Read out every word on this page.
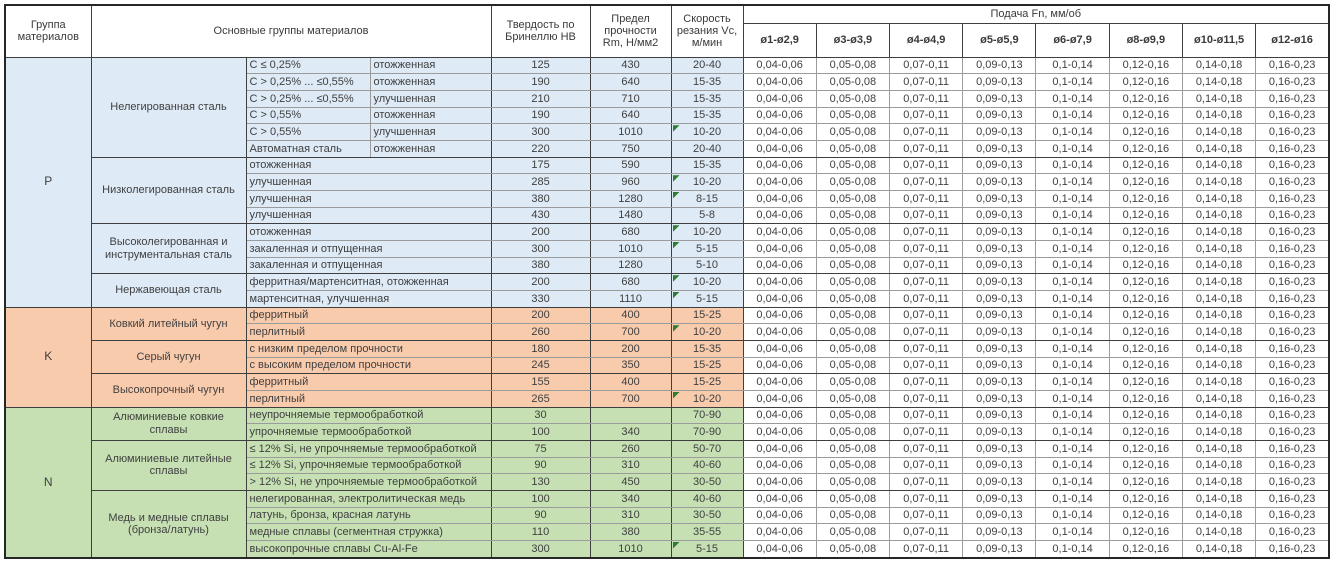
Группа материалов	Основные группы материалов			Твердость по Бринеллю НВ	Предел прочности Rm, Н/мм2	Скорость резания Vc, м/мин	Подача Fn, мм/об							
							ø1-ø2,9	ø3-ø3,9	ø4-ø4,9	ø5-ø5,9	ø6-ø7,9	ø8-ø9,9	ø10-ø11,5	ø12-ø16
P	Нелегированная сталь	C ≤ 0,25%	отожженная	125	430	20-40	0,04-0,06	0,05-0,08	0,07-0,11	0,09-0,13	0,1-0,14	0,12-0,16	0,14-0,18	0,16-0,23
		C > 0,25% ... ≤0,55%	отожженная	190	640	15-35	0,04-0,06	0,05-0,08	0,07-0,11	0,09-0,13	0,1-0,14	0,12-0,16	0,14-0,18	0,16-0,23
		C > 0,25% ... ≤0,55%	улучшенная	210	710	15-35	0,04-0,06	0,05-0,08	0,07-0,11	0,09-0,13	0,1-0,14	0,12-0,16	0,14-0,18	0,16-0,23
		C > 0,55%	отожженная	190	640	15-35	0,04-0,06	0,05-0,08	0,07-0,11	0,09-0,13	0,1-0,14	0,12-0,16	0,14-0,18	0,16-0,23
		C > 0,55%	улучшенная	300	1010	10-20	0,04-0,06	0,05-0,08	0,07-0,11	0,09-0,13	0,1-0,14	0,12-0,16	0,14-0,18	0,16-0,23
		Автоматная сталь	отожженная	220	750	20-40	0,04-0,06	0,05-0,08	0,07-0,11	0,09-0,13	0,1-0,14	0,12-0,16	0,14-0,18	0,16-0,23
	Низколегированная сталь	отожженная		175	590	15-35	0,04-0,06	0,05-0,08	0,07-0,11	0,09-0,13	0,1-0,14	0,12-0,16	0,14-0,18	0,16-0,23
		улучшенная		285	960	10-20	0,04-0,06	0,05-0,08	0,07-0,11	0,09-0,13	0,1-0,14	0,12-0,16	0,14-0,18	0,16-0,23
		улучшенная		380	1280	8-15	0,04-0,06	0,05-0,08	0,07-0,11	0,09-0,13	0,1-0,14	0,12-0,16	0,14-0,18	0,16-0,23
		улучшенная		430	1480	5-8	0,04-0,06	0,05-0,08	0,07-0,11	0,09-0,13	0,1-0,14	0,12-0,16	0,14-0,18	0,16-0,23
	Высоколегированная и инструментальная сталь	отожженная		200	680	10-20	0,04-0,06	0,05-0,08	0,07-0,11	0,09-0,13	0,1-0,14	0,12-0,16	0,14-0,18	0,16-0,23
		закаленная и отпущенная		300	1010	5-15	0,04-0,06	0,05-0,08	0,07-0,11	0,09-0,13	0,1-0,14	0,12-0,16	0,14-0,18	0,16-0,23
		закаленная и отпущенная		380	1280	5-10	0,04-0,06	0,05-0,08	0,07-0,11	0,09-0,13	0,1-0,14	0,12-0,16	0,14-0,18	0,16-0,23
	Нержавеющая сталь	ферритная/мартенситная, отожженная		200	680	10-20	0,04-0,06	0,05-0,08	0,07-0,11	0,09-0,13	0,1-0,14	0,12-0,16	0,14-0,18	0,16-0,23
		мартенситная, улучшенная		330	1110	5-15	0,04-0,06	0,05-0,08	0,07-0,11	0,09-0,13	0,1-0,14	0,12-0,16	0,14-0,18	0,16-0,23
K	Ковкий литейный чугун	ферритный		200	400	15-25	0,04-0,06	0,05-0,08	0,07-0,11	0,09-0,13	0,1-0,14	0,12-0,16	0,14-0,18	0,16-0,23
		перлитный		260	700	10-20	0,04-0,06	0,05-0,08	0,07-0,11	0,09-0,13	0,1-0,14	0,12-0,16	0,14-0,18	0,16-0,23
	Серый чугун	с низким пределом прочности		180	200	15-35	0,04-0,06	0,05-0,08	0,07-0,11	0,09-0,13	0,1-0,14	0,12-0,16	0,14-0,18	0,16-0,23
		с высоким пределом прочности		245	350	15-25	0,04-0,06	0,05-0,08	0,07-0,11	0,09-0,13	0,1-0,14	0,12-0,16	0,14-0,18	0,16-0,23
	Высокопрочный чугун	ферритный		155	400	15-25	0,04-0,06	0,05-0,08	0,07-0,11	0,09-0,13	0,1-0,14	0,12-0,16	0,14-0,18	0,16-0,23
		перлитный		265	700	10-20	0,04-0,06	0,05-0,08	0,07-0,11	0,09-0,13	0,1-0,14	0,12-0,16	0,14-0,18	0,16-0,23
N	Алюминиевые ковкие сплавы	неупрочняемые термообработкой		30		70-90	0,04-0,06	0,05-0,08	0,07-0,11	0,09-0,13	0,1-0,14	0,12-0,16	0,14-0,18	0,16-0,23
		упрочняемые термообработкой		100	340	70-90	0,04-0,06	0,05-0,08	0,07-0,11	0,09-0,13	0,1-0,14	0,12-0,16	0,14-0,18	0,16-0,23
	Алюминиевые литейные сплавы	≤ 12% Si, не упрочняемые термообработкой		75	260	50-70	0,04-0,06	0,05-0,08	0,07-0,11	0,09-0,13	0,1-0,14	0,12-0,16	0,14-0,18	0,16-0,23
		≤ 12% Si, упрочняемые термообработкой		90	310	40-60	0,04-0,06	0,05-0,08	0,07-0,11	0,09-0,13	0,1-0,14	0,12-0,16	0,14-0,18	0,16-0,23
		> 12% Si, не упрочняемые термообработкой		130	450	30-50	0,04-0,06	0,05-0,08	0,07-0,11	0,09-0,13	0,1-0,14	0,12-0,16	0,14-0,18	0,16-0,23
	Медь и медные сплавы (бронза/латунь)	нелегированная, электролитическая медь		100	340	40-60	0,04-0,06	0,05-0,08	0,07-0,11	0,09-0,13	0,1-0,14	0,12-0,16	0,14-0,18	0,16-0,23
		латунь, бронза, красная латунь		90	310	30-50	0,04-0,06	0,05-0,08	0,07-0,11	0,09-0,13	0,1-0,14	0,12-0,16	0,14-0,18	0,16-0,23
		медные сплавы (сегментная стружка)		110	380	35-55	0,04-0,06	0,05-0,08	0,07-0,11	0,09-0,13	0,1-0,14	0,12-0,16	0,14-0,18	0,16-0,23
		высокопрочные сплавы Cu-Al-Fe		300	1010	5-15	0,04-0,06	0,05-0,08	0,07-0,11	0,09-0,13	0,1-0,14	0,12-0,16	0,14-0,18	0,16-0,23
